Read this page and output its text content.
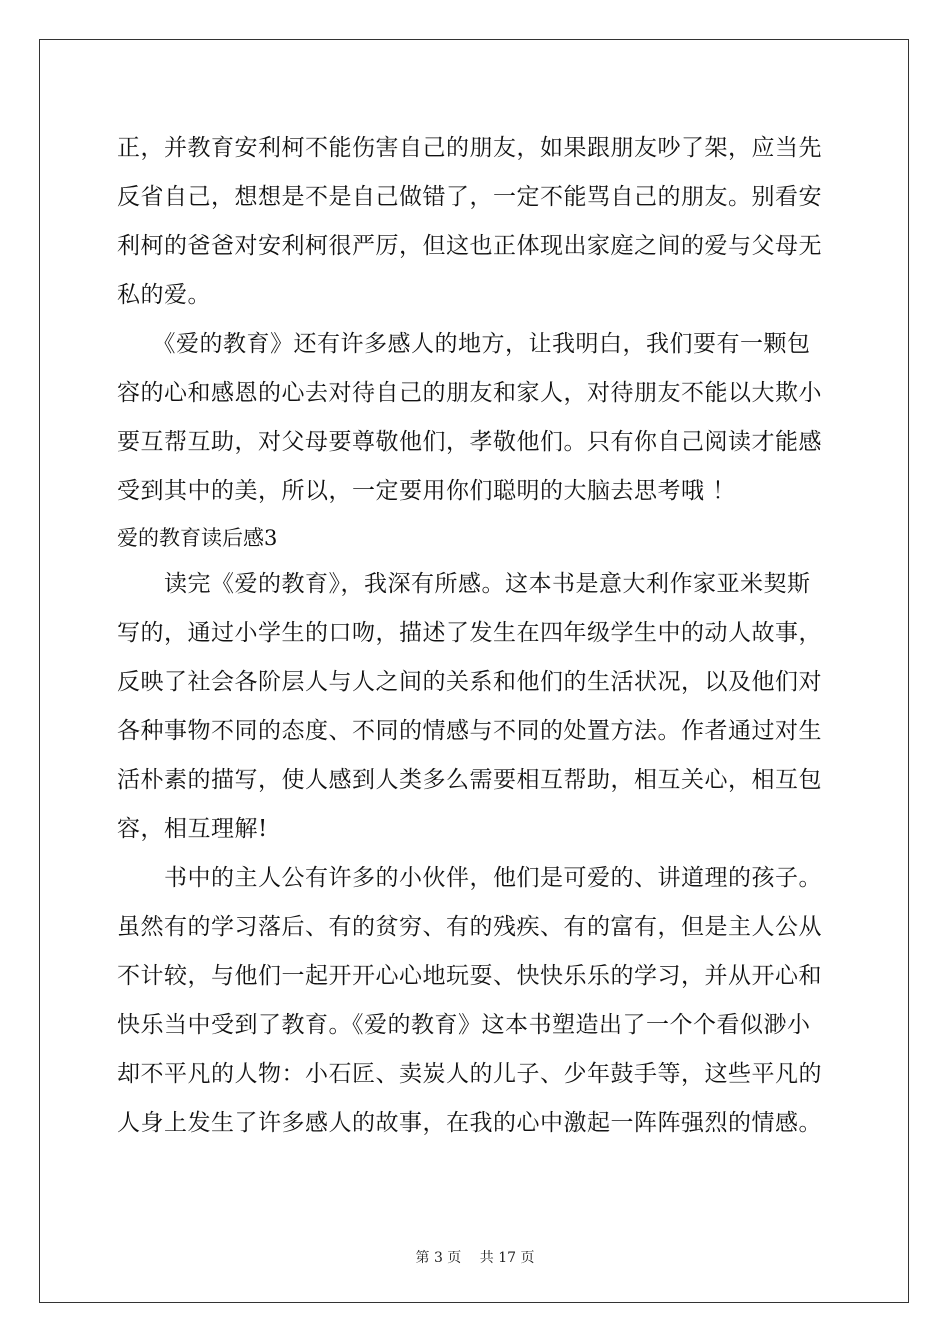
正，并教育安利柯不能伤害自己的朋友，如果跟朋友吵了架，应当先
反省自己，想想是不是自己做错了，一定不能骂自己的朋友。别看安
利柯的爸爸对安利柯很严厉，但这也正体现出家庭之间的爱与父母无
私的爱。
　　《爱的教育》还有许多感人的地方，让我明白，我们要有一颗包
容的心和感恩的心去对待自己的朋友和家人，对待朋友不能以大欺小
要互帮互助，对父母要尊敬他们，孝敬他们。只有你自己阅读才能感
受到其中的美，所以，一定要用你们聪明的大脑去思考哦 ！
爱的教育读后感3
　　读完《爱的教育》，我深有所感。这本书是意大利作家亚米契斯
写的，通过小学生的口吻，描述了发生在四年级学生中的动人故事，
反映了社会各阶层人与人之间的关系和他们的生活状况，以及他们对
各种事物不同的态度、不同的情感与不同的处置方法。作者通过对生
活朴素的描写，使人感到人类多么需要相互帮助，相互关心，相互包
容，相互理解!
　　书中的主人公有许多的小伙伴，他们是可爱的、讲道理的孩子。
虽然有的学习落后、有的贫穷、有的残疾、有的富有，但是主人公从
不计较，与他们一起开开心心地玩耍、快快乐乐的学习，并从开心和
快乐当中受到了教育。《爱的教育》这本书塑造出了一个个看似渺小
却不平凡的人物：小石匠、卖炭人的儿子、少年鼓手等，这些平凡的
人身上发生了许多感人的故事，在我的心中激起一阵阵强烈的情感。
第 3 页　 共 17 页
